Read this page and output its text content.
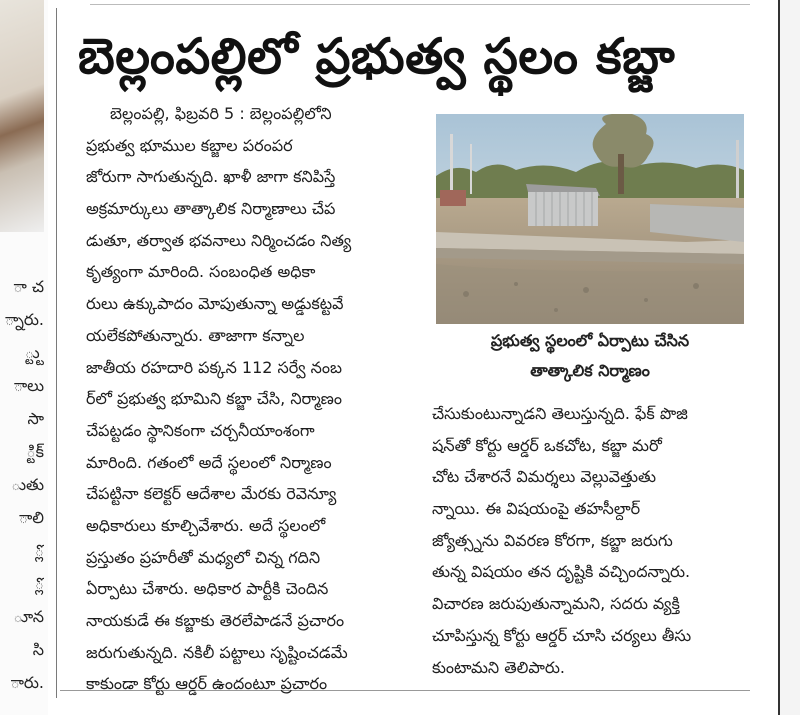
ా చ
్నారు.
్ట్టు
ాలు
సా
్టిక్
ుతు
ాలి
్లో
్లో
ూన
సి
ారు.
బెల్లంపల్లిలో ప్రభుత్వ స్థలం కబ్జా
బెల్లంపల్లి, ఫిబ్రవరి 5 : బెల్లంపల్లిలోని
ప్రభుత్వ భూముల కబ్జాల పరంపర
జోరుగా సాగుతున్నది. ఖాళీ జాగా కనిపిస్తే
అక్రమార్కులు తాత్కాలిక నిర్మాణాలు చేప
డుతూ, తర్వాత భవనాలు నిర్మించడం నిత్య
కృత్యంగా మారింది. సంబంధిత అధికా
రులు ఉక్కుపాదం మోపుతున్నా అడ్డుకట్టవే
యలేకపోతున్నారు. తాజాగా కన్నాల
జాతీయ రహదారి పక్కన 112 సర్వే నంబ
ర్‌లో ప్రభుత్వ భూమిని కబ్జా చేసి, నిర్మాణం
చేపట్టడం స్థానికంగా చర్చనీయాంశంగా
మారింది. గతంలో అదే స్థలంలో నిర్మాణం
చేపట్టినా కలెక్టర్ ఆదేశాల మేరకు రెవెన్యూ
అధికారులు కూల్చివేశారు. అదే స్థలంలో
ప్రస్తుతం ప్రహరీతో మధ్యలో చిన్న గదిని
ఏర్పాటు చేశారు. అధికార పార్టీకి చెందిన
నాయకుడే ఈ కబ్జాకు తెరలేపాడనే ప్రచారం
జరుగుతున్నది. నకిలీ పట్టాలు సృష్టించడమే
కాకుండా కోర్టు ఆర్డర్ ఉందంటూ ప్రచారం
ప్రభుత్వ స్థలంలో ఏర్పాటు చేసిన
తాత్కాలిక నిర్మాణం
చేసుకుంటున్నాడని తెలుస్తున్నది. ఫేక్ పొజి
షన్‌తో కోర్టు ఆర్డర్ ఒకచోట, కబ్జా మరో
చోట చేశారనే విమర్శలు వెల్లువెత్తుతు
న్నాయి. ఈ విషయంపై తహసీల్దార్
జ్యోత్స్నను వివరణ కోరగా, కబ్జా జరుగు
తున్న విషయం తన దృష్టికి వచ్చిందన్నారు.
విచారణ జరుపుతున్నామని, సదరు వ్యక్తి
చూపిస్తున్న కోర్టు ఆర్డర్ చూసి చర్యలు తీసు
కుంటామని తెలిపారు.
